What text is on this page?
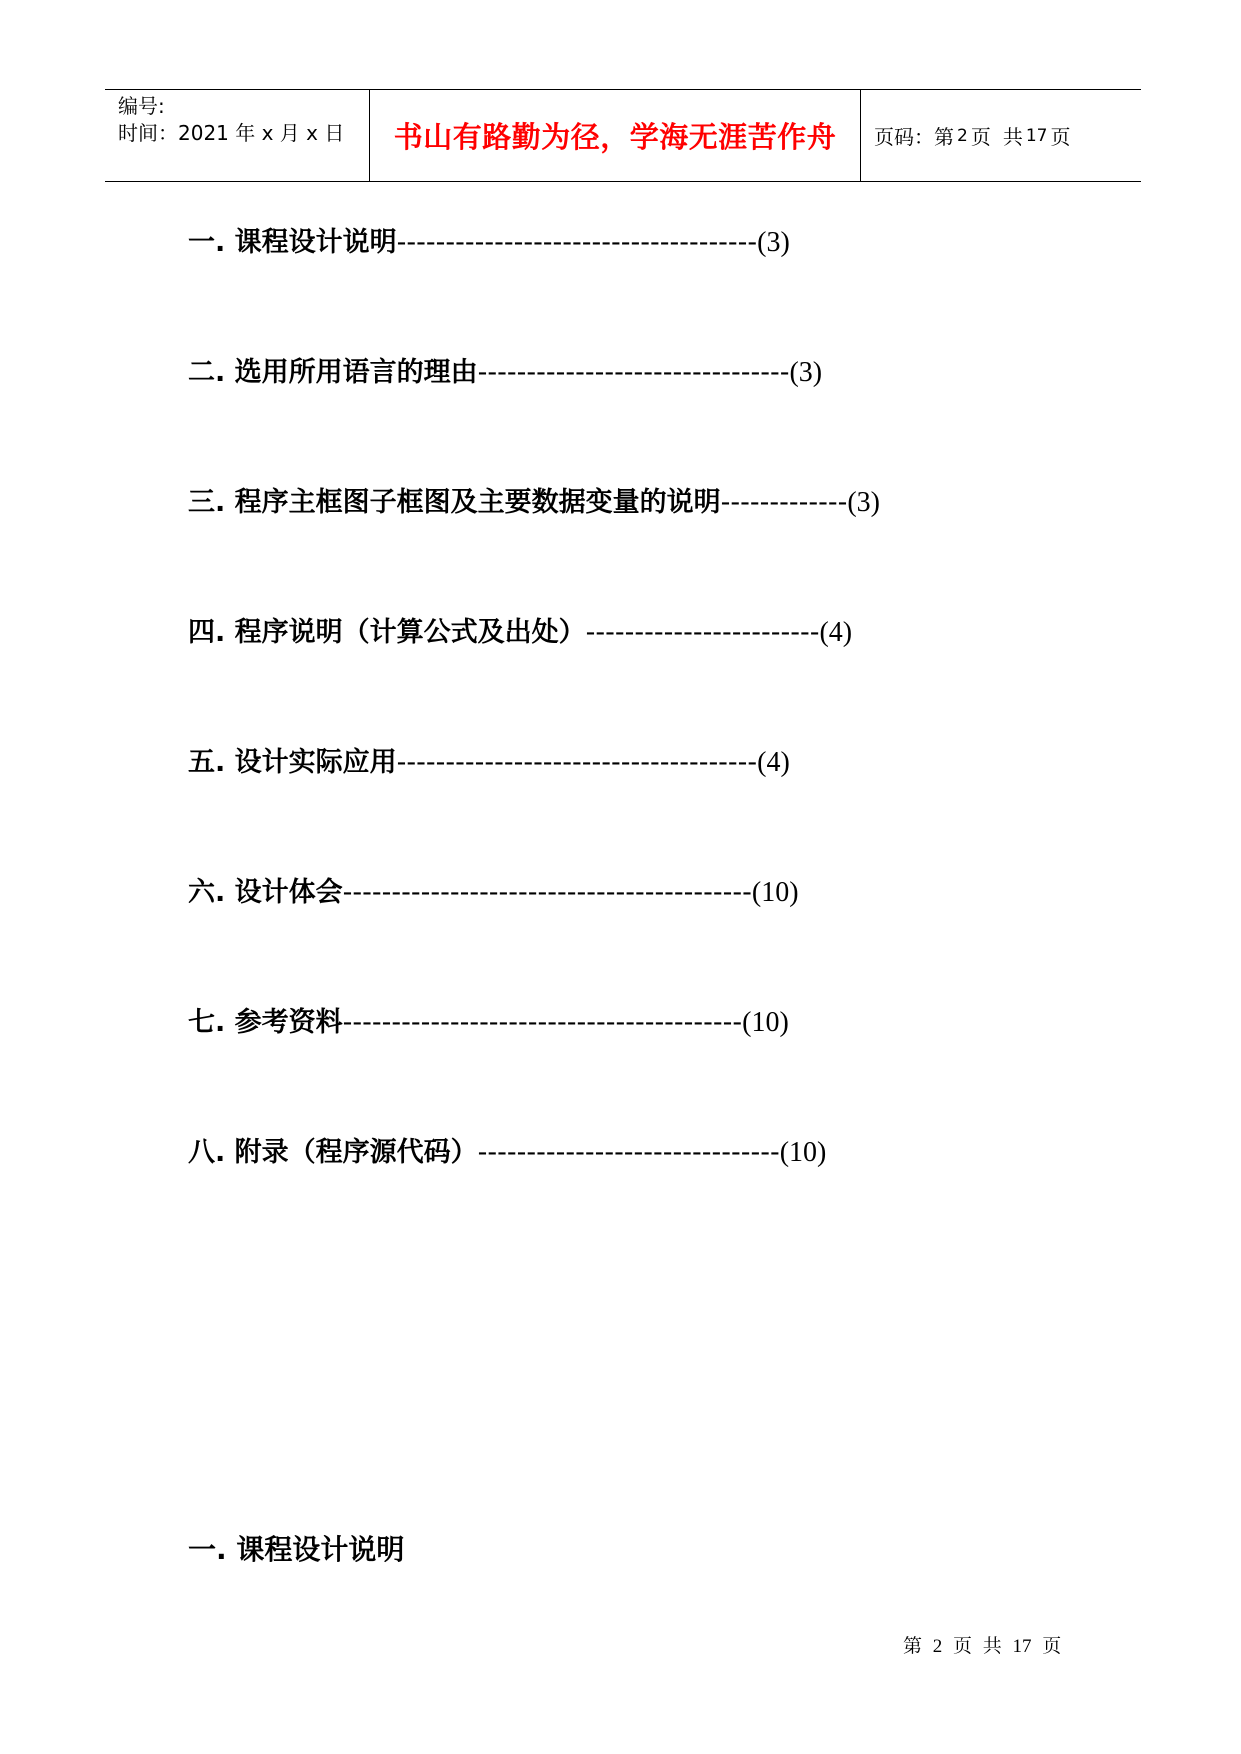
编号:
时间：2021 年 x 月 x 日	书山有路勤为径，学海无涯苦作舟 页码：第 2 页 共 17 页
一. 课程设计说明-------------------------------------(3)
二. 选用所用语言的理由--------------------------------(3)
三. 程序主框图子框图及主要数据变量的说明-------------(3)
四. 程序说明（计算公式及出处）------------------------(4)
五. 设计实际应用-------------------------------------(4)
六. 设计体会------------------------------------------(10)
七. 参考资料-----------------------------------------(10)
八. 附录（程序源代码）-------------------------------(10)
一. 课程设计说明
第 2 页 共 17 页
